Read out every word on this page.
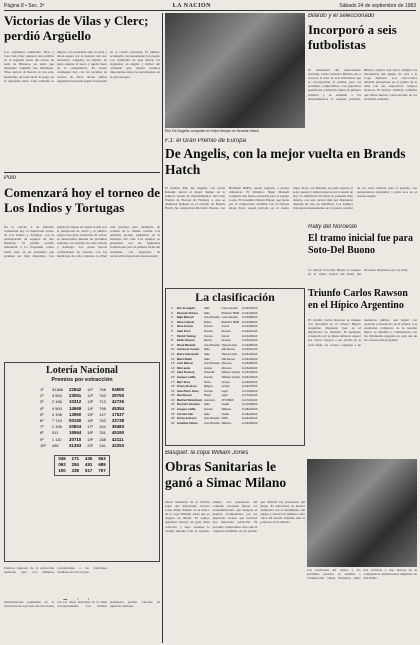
Página 8 • Sec. 3ª	LA NACION	Sábado 24 de septiembre de 1983
Victorias de Vilas y Clerc; perdió Argüello
Los argentinos Guillermo Vilas y José Luis Clerc ganaron sus partidos en la segunda rueda del torneo de tenis de Burdeos, en tanto que Alejandro Argüello fue eliminado. Vilas derrotó al francés en dos sets, mostrando un buen nivel de juego en la superficie lenta. Clerc también se impuso con autoridad ante su rival y ahora espera por el ganador del otro encuentro. Argüello, en cambio, no pudo superar al sueco y quedó fuera de la competencia. El torneo continuará hoy con los partidos de cuartos de final, donde ambos argentinos buscarán seguir avanzando en el cuadro principal. El público acompañó con entusiasmo la jornada. Los resultados de ayer fueron los siguientes en singles y dobles del certamen que reparte premios importantes entre los participantes de la gira europea.
Polo
Comenzará hoy el torneo de Los Indios y Tortugas
En la cancha 2 de Palermo comenzará hoy el tradicional torneo de Los Indios y Tortugas, con la participación de equipos de alto hándicap. El primer partido enfrentará a La Espadaña contra Santa Ana, en un encuentro que promete ser muy disputado. Los jugadores llegan en buena forma tras la temporada de otoño y el público espera una gran actuación. El torneo se desarrollará durante las próximas semanas con partidos los días sábado y domingo. Las series fueron conformadas de acuerdo con los hándicaps de cada conjunto. La final está prevista para mediados de octubre en la misma cancha. Las entradas podrán adquirirse en la boletería del club. Los equipos se presentan con las siguientes formaciones para la primera fecha del certamen, con jugadores de reconocida trayectoria internacional.
Lotería Nacional
Premios por extracción
1º	31386	22842	11º	758	04900
2º	4 500	23061	12º	753	29750
3º	2 196	10312	13º	713	42726
4º	4 500	14669	14º	798	45354
5º	4 196	13960	15º	147	17537
6º	7 710	00150	16º	782	33738
7º	1 196	20804	17º	104	39483
8º	511	16564	18º	781	45190
9º	1 110	20710	19º	188	42111
10º	496	31393	20º	116	32293
049	171	435	563
092	284	491	689
100	338	517	707
Premios mayores de la extracción realizada ayer. Los números corresponden a las fracciones vendidas en todo el país.
Terminaciones premiadas en la extracción de ayer para las fracciones con las cifras indicadas en la tabla correspondiente. Los billetes premiados podrán cobrarse en agencias oficiales.
Elio De Angelis conquistó el mejor tiempo en Brands Hatch
F.1: el Gran Premio de Europa
De Angelis, con la mejor vuelta en Brands Hatch
El italiano Elio De Angelis, con Lotus Renault, marcó el mejor tiempo en la primera sesión de entrenamientos del Gran Premio de Europa de Fórmula 1, que se disputará mañana en el circuito de Brands Hatch. Su compatriota Riccardo Patrese, con Brabham BMW, quedó segundo a escasa diferencia. El británico Nigel Mansell completó una buena actuación para el equipo Lotus. El brasileño Nelson Piquet, que lucha por el campeonato mundial con el francés Alain Prost, quedó ubicado en el cuarto lugar. Prost, con Renault, no pudo superar el sexto puesto y deberá mejorar en la sesión de hoy. La definición del título se presenta muy abierta, con una carrera más por disputarse después de esta en Sudáfrica. Los equipos trabajaron intensamente en la puesta a punto de los autos durante toda la jornada, con temperaturas agradables y pista seca en el trazado inglés.
La clasificación
1º	Elio de Angelis	Italia	Lotus Renault	1m13s35/100
2º	Riccardo Patrese	Italia	Brabham BMW	1m13s40/100
3º	Nigel Mansell	Gran Bretaña	Lotus Renault	1m13s86/100
4º	Nelson Piquet	Brasil	Brabham BMW	1m13s98/100
5º	René Arnoux	Francia	Ferrari	1m14s08/100
6º	Alain Prost	Francia	Renault	1m14s21/100
7º	Patrick Tambay	Francia	Ferrari	1m14s36/100
8º	Eddie Cheever	EE.UU.	Renault	1m14s62/100
9º	Derek Warwick	Gran Bretaña	Toleman Hart	1m14s86/100
10º	Andrea de Cesaris	Italia	Alfa Romeo	1m15s01/100
11º	Bruno Giacomelli	Italia	Toleman Hart	1m15s15/100
12º	Mauro Baldi	Italia	Alfa Romeo	1m15s43/100
13º	John Watson	Gran Bretaña	McLaren	1m15s88/100
14º	Niki Lauda	Austria	McLaren	1m16s02/100
15º	Keke Rosberg	Finlandia	Williams Honda	1m16s15/100
16º	Jacques Laffite	Francia	Williams Honda	1m16s40/100
17º	Marc Surer	Suiza	Arrows	1m16s63/100
18º	Thierry Boutsen	Bélgica	Arrows	1m16s75/100
19º	Jean-Pierre Jarier	Francia	Ligier	1m17s02/100
20º	Raul Boesel	Brasil	Ligier	1m17s31/100
21º	Manfred Winkelhock	Alemania	ATS BMW	1m17s54/100
22º	Piercarlo Ghinzani	Italia	Osella	1m17s89/100
23º	Jacques Laffite	Francia	Williams	1m18s03/100
24º	Corrado Fabi	Italia	Osella	1m18s40/100
25º	Kenny Acheson	Gran Bretaña	RAM	1m19s12/100
26º	Jonathan Palmer	Gran Bretaña	Williams	1m19s45/100
Básquet: la copa William Jones
Obras Sanitarias le ganó a Simac Milano
Obras Sanitarias de la Nación logró una importante victoria sobre Simac Milano en el marco de la copa William Jones que se disputa en Brasil. El equipo argentino mostró un gran nivel colectivo y supo sostener la ventaja durante todo el segundo tiempo. Los goleadores del conjunto nacional fueron los norteamericanos que integran el plantel, acompañados por los jugadores locales que tuvieron una destacada actuación. El próximo compromiso será ante el campeón brasileño en un partido que definirá las posiciones del grupo. El entrenador se mostró satisfecho con el rendimiento del equipo y destacó la defensa como clave del triunfo obtenido ante el poderoso rival italiano.
Las posiciones del torneo y los próximos partidos se detallan a continuación. Obras Sanitarias suma dos victorias y una derrota en la competencia internacional disputada en San Pablo.
Bilardo y el seleccionado
Incorporó a seis futbolistas
El entrenador del seleccionado nacional, Carlos Salvador Bilardo, dio a conocer la lista de seis futbolistas que se incorporarán al plantel para los próximos compromisos. Los jugadores pertenecen a distintos clubes de primera división y se sumarán a los entrenamientos la semana próxima. Bilardo explicó que busca ampliar las alternativas del equipo de cara a la Copa América. Los convocados deberán presentarse en el predio de la AFA con sus respectivos cuerpos técnicos. El técnico también confirmó que habrá nuevas convocatorias en las próximas semanas.
Rally del Noroeste
El tramo inicial fue para Soto-Del Buono
La binaria Soto-Del Buono se impuso en el tramo inicial del Rally del Noroeste disputado ayer en Salta.
Triunfo Carlos Rawson en el Hípico Argentino
El caballo Carlos Rawson se impuso con autoridad en el Clásico Hípico Argentino disputado ayer en el hipódromo de Palermo. El ejemplar, conducido por su jinete habitual, superó por varios cuerpos a sus rivales en la recta final. La carrera congregó a un numeroso público que siguió con atención el desarrollo de la prueba. Los resultados completos de la reunión hípica se detallan a continuación con los dividendos pagados en cada una de las carreras del programa.
